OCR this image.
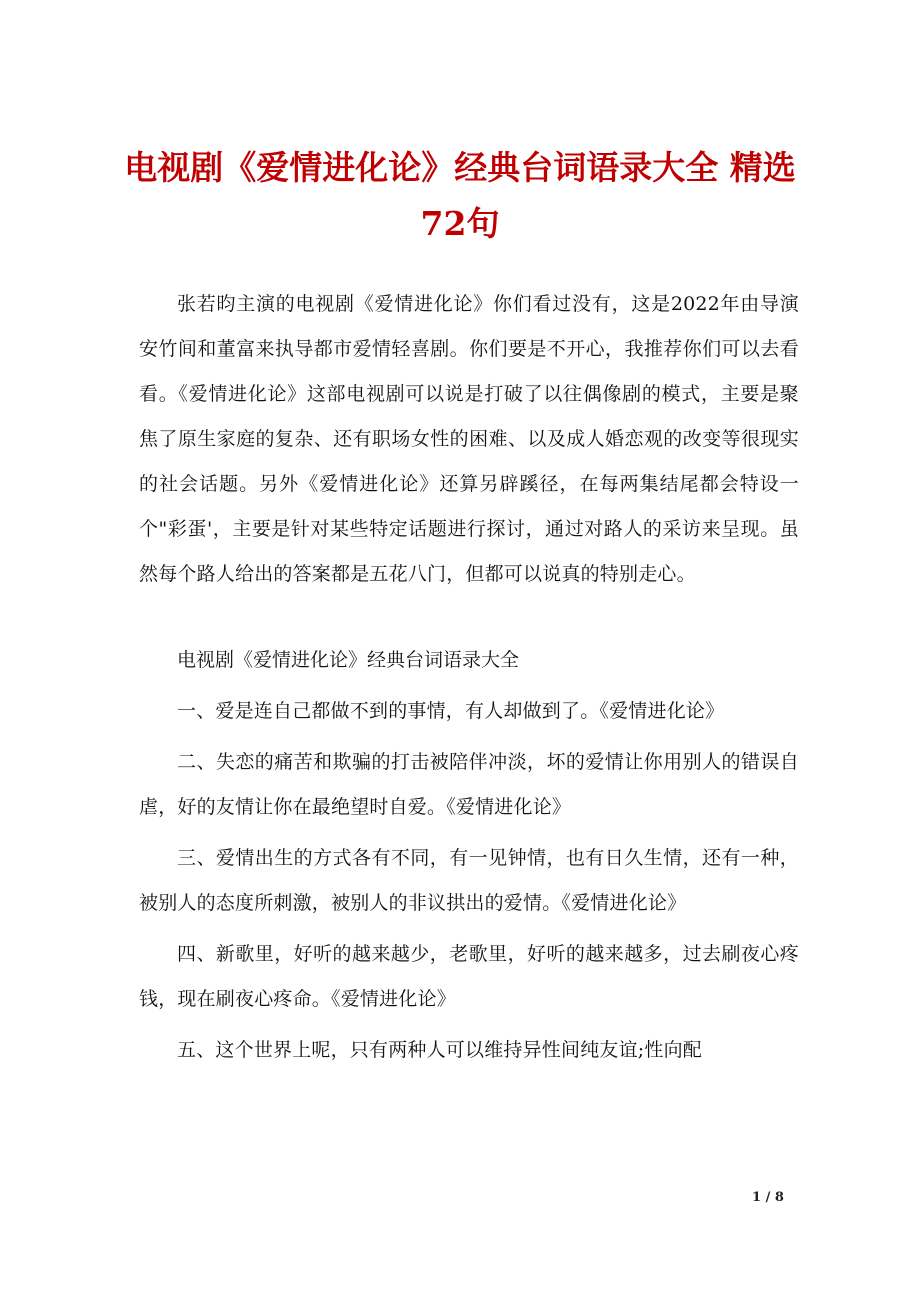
电视剧《爱情进化论》经典台词语录大全 精选72句

张若昀主演的电视剧《爱情进化论》你们看过没有，这是2022年由导演安竹间和董富来执导都市爱情轻喜剧。你们要是不开心，我推荐你们可以去看看。《爱情进化论》这部电视剧可以说是打破了以往偶像剧的模式，主要是聚焦了原生家庭的复杂、还有职场女性的困难、以及成人婚恋观的改变等很现实的社会话题。另外《爱情进化论》还算另辟蹊径，在每两集结尾都会特设一个"彩蛋'，主要是针对某些特定话题进行探讨，通过对路人的采访来呈现。虽然每个路人给出的答案都是五花八门，但都可以说真的特别走心。

电视剧《爱情进化论》经典台词语录大全

一、爱是连自己都做不到的事情，有人却做到了。《爱情进化论》

二、失恋的痛苦和欺骗的打击被陪伴冲淡，坏的爱情让你用别人的错误自虐，好的友情让你在最绝望时自爱。《爱情进化论》

三、爱情出生的方式各有不同，有一见钟情，也有日久生情，还有一种，被别人的态度所刺激，被别人的非议拱出的爱情。《爱情进化论》

四、新歌里，好听的越来越少，老歌里，好听的越来越多，过去刷夜心疼钱，现在刷夜心疼命。《爱情进化论》

五、这个世界上呢，只有两种人可以维持异性间纯友谊;性向配

1 / 8
